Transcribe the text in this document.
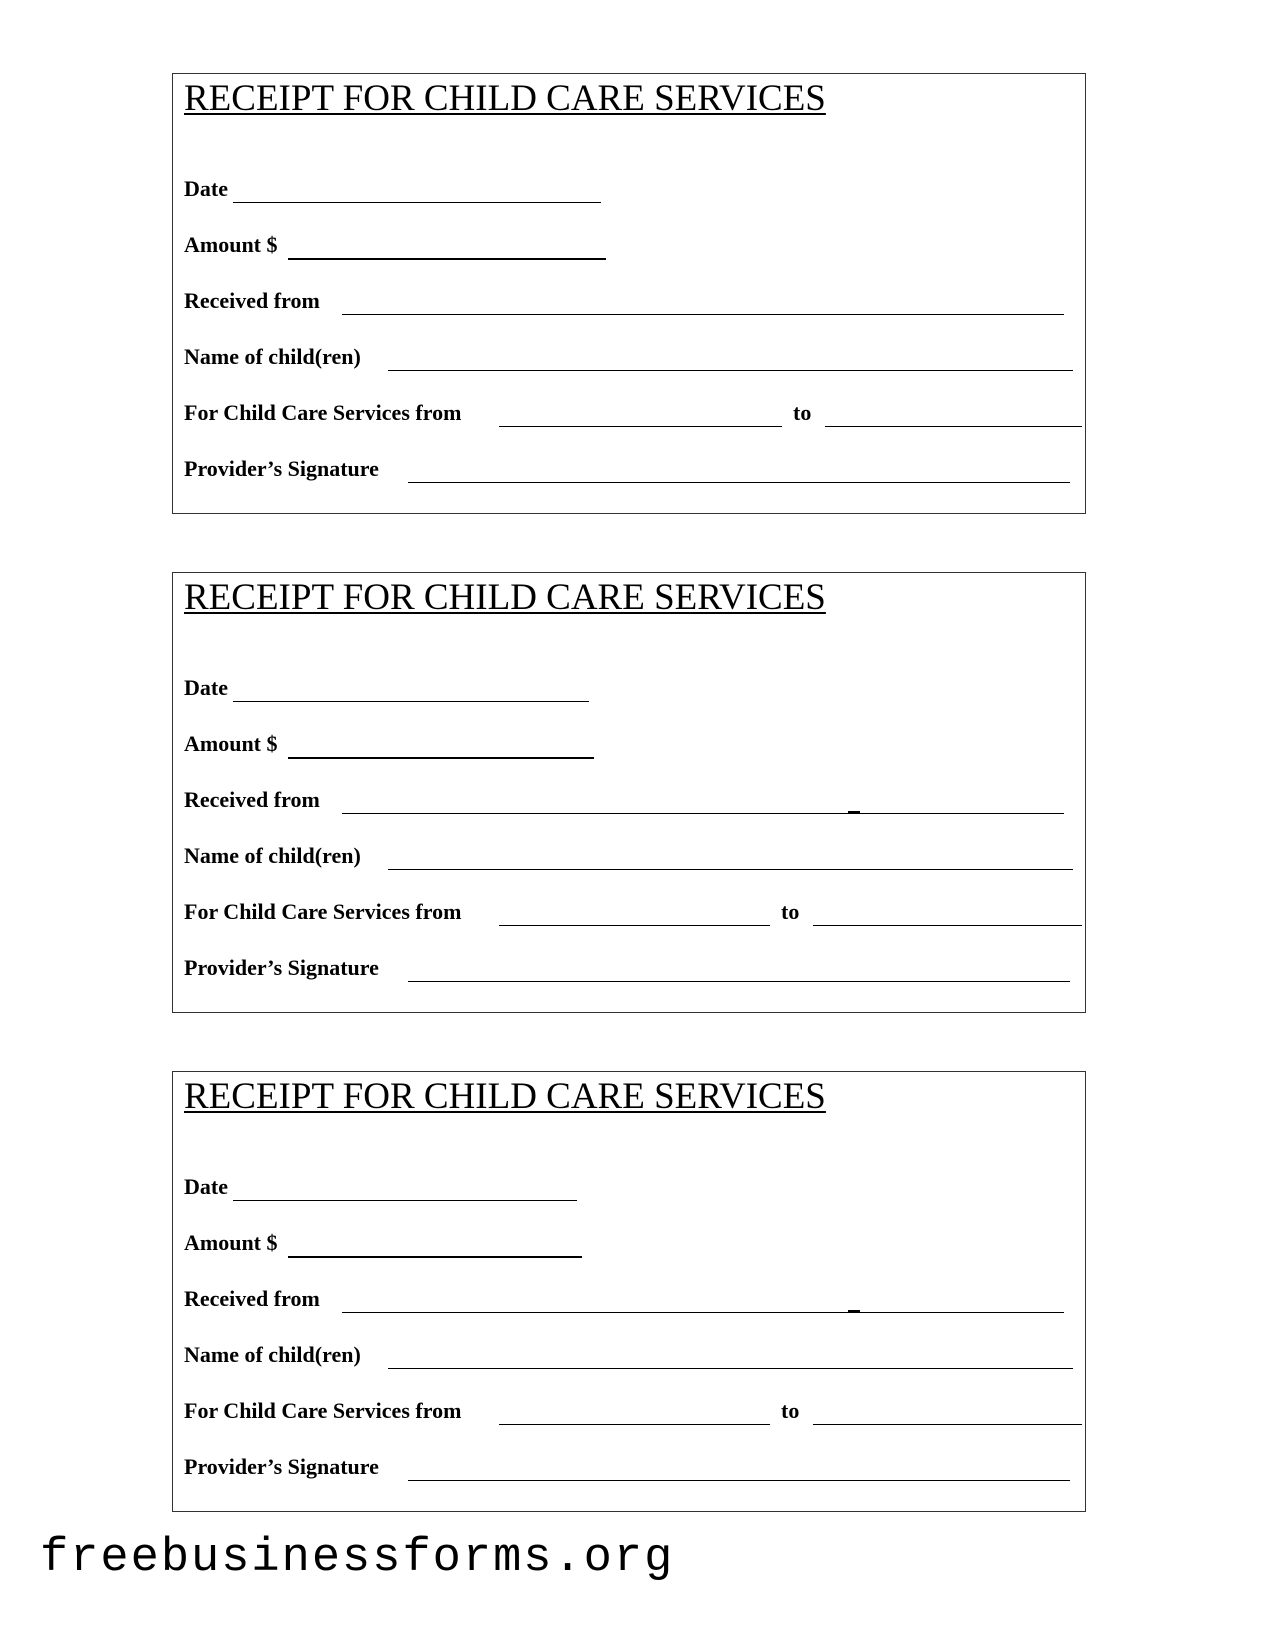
RECEIPT FOR CHILD CARE SERVICES
Date
Amount $
Received from
Name of child(ren)
For Child Care Services from	to
Provider’s Signature
RECEIPT FOR CHILD CARE SERVICES
Date
Amount $
Received from
Name of child(ren)
For Child Care Services from	to
Provider’s Signature
RECEIPT FOR CHILD CARE SERVICES
Date
Amount $
Received from
Name of child(ren)
For Child Care Services from	to
Provider’s Signature
freebusinessforms.org
